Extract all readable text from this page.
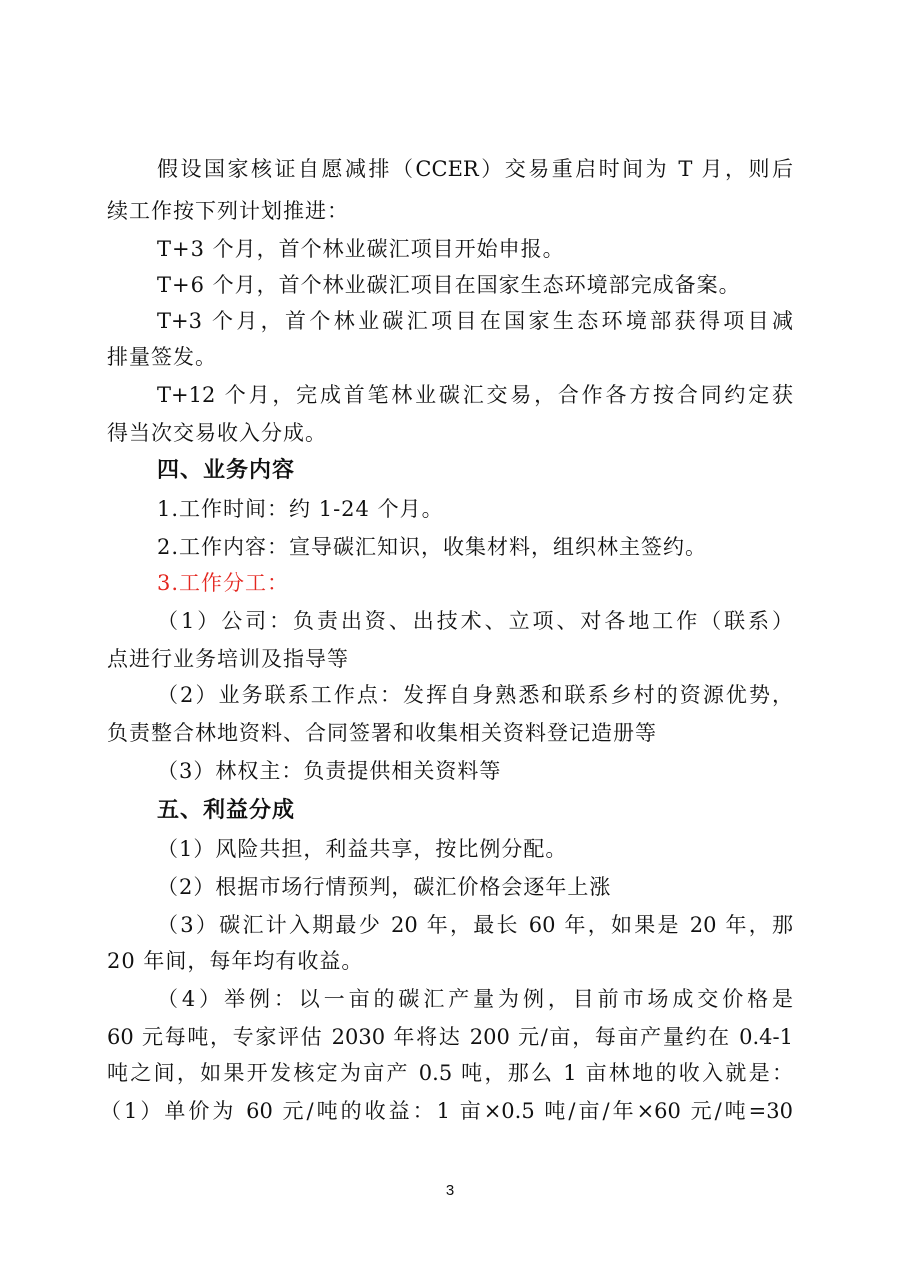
假设国家核证自愿减排（CCER）交易重启时间为 T 月，则后
续工作按下列计划推进：
T+3 个月，首个林业碳汇项目开始申报。
T+6 个月，首个林业碳汇项目在国家生态环境部完成备案。
T+3 个月，首个林业碳汇项目在国家生态环境部获得项目减
排量签发。
T+12 个月，完成首笔林业碳汇交易，合作各方按合同约定获
得当次交易收入分成。
四、业务内容
1.工作时间：约 1-24 个月。
2.工作内容：宣导碳汇知识，收集材料，组织林主签约。
3.工作分工：
（1）公司：负责出资、出技术、立项、对各地工作（联系）
点进行业务培训及指导等
（2）业务联系工作点：发挥自身熟悉和联系乡村的资源优势，
负责整合林地资料、合同签署和收集相关资料登记造册等
（3）林权主：负责提供相关资料等
五、利益分成
（1）风险共担，利益共享，按比例分配。
（2）根据市场行情预判，碳汇价格会逐年上涨
（3）碳汇计入期最少 20 年，最长 60 年，如果是 20 年，那
20 年间，每年均有收益。
（4）举例：以一亩的碳汇产量为例，目前市场成交价格是
60 元每吨，专家评估 2030 年将达 200 元/亩，每亩产量约在 0.4-1
吨之间，如果开发核定为亩产 0.5 吨，那么 1 亩林地的收入就是：
（1）单价为 60 元/吨的收益：1 亩×0.5 吨/亩/年×60 元/吨=30
3
